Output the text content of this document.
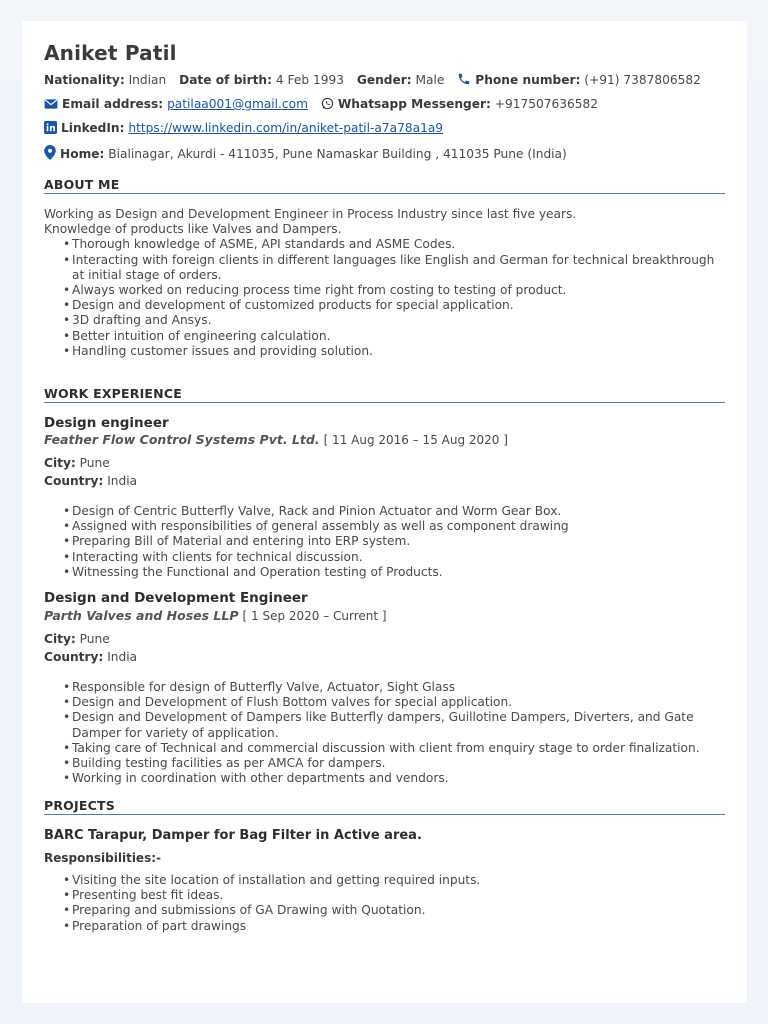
Aniket Patil
Nationality: Indian Date of birth: 4 Feb 1993 Gender: Male	Phone number: (+91) 7387806582
Email address: patilaa001@gmail.com Whatsapp Messenger: +917507636582
LinkedIn: https://www.linkedin.com/in/aniket-patil-a7a78a1a9
Home: Bialinagar, Akurdi - 411035, Pune Namaskar Building , 411035 Pune (India)
ABOUT ME
Working as Design and Development Engineer in Process Industry since last five years.
Knowledge of products like Valves and Dampers.
• Thorough knowledge of ASME, API standards and ASME Codes.
• Interacting with foreign clients in different languages like English and German for technical breakthrough at initial stage of orders.
• Always worked on reducing process time right from costing to testing of product.
• Design and development of customized products for special application.
• 3D drafting and Ansys.
• Better intuition of engineering calculation.
• Handling customer issues and providing solution.
WORK EXPERIENCE
Design engineer
Feather Flow Control Systems Pvt. Ltd. [ 11 Aug 2016 – 15 Aug 2020 ]
City: Pune
Country: India
• Design of Centric Butterfly Valve, Rack and Pinion Actuator and Worm Gear Box.
• Assigned with responsibilities of general assembly as well as component drawing
• Preparing Bill of Material and entering into ERP system.
• Interacting with clients for technical discussion.
• Witnessing the Functional and Operation testing of Products.
Design and Development Engineer
Parth Valves and Hoses LLP [ 1 Sep 2020 – Current ]
City: Pune
Country: India
• Responsible for design of Butterfly Valve, Actuator, Sight Glass
• Design and Development of Flush Bottom valves for special application.
• Design and Development of Dampers like Butterfly dampers, Guillotine Dampers, Diverters, and Gate Damper for variety of application.
• Taking care of Technical and commercial discussion with client from enquiry stage to order finalization.
• Building testing facilities as per AMCA for dampers.
• Working in coordination with other departments and vendors.
PROJECTS
BARC Tarapur, Damper for Bag Filter in Active area.
Responsibilities:-
• Visiting the site location of installation and getting required inputs.
• Presenting best fit ideas.
• Preparing and submissions of GA Drawing with Quotation.
• Preparation of part drawings
